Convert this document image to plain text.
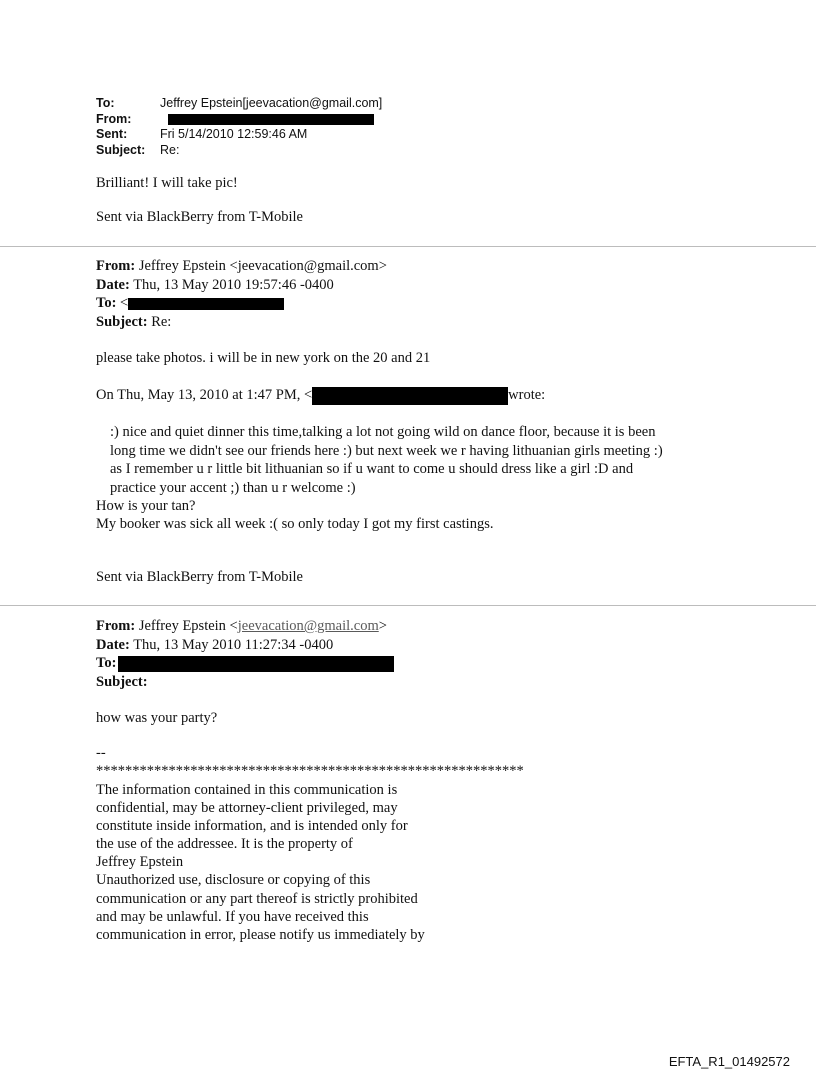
To:	Jeffrey Epstein[jeevacation@gmail.com]
From:
Sent:	Fri 5/14/2010 12:59:46 AM
Subject:	Re:
Brilliant! I will take pic!
Sent via BlackBerry from T-Mobile
From: Jeffrey Epstein <jeevacation@gmail.com>
Date: Thu, 13 May 2010 19:57:46 -0400
To: <
Subject: Re:
please take photos. i will be in new york on the 20 and 21
On Thu, May 13, 2010 at 1:47 PM, <	wrote:
:) nice and quiet dinner this time,talking a lot not going wild on dance floor, because it is been
long time we didn't see our friends here :) but next week we r having lithuanian girls meeting :)
as I remember u r little bit lithuanian so if u want to come u should dress like a girl :D and
practice your accent ;) than u r welcome :)
How is your tan?
My booker was sick all week :( so only today I got my first castings.
Sent via BlackBerry from T-Mobile
From: Jeffrey Epstein <jeevacation@gmail.com>
Date: Thu, 13 May 2010 11:27:34 -0400
To:
Subject:
how was your party?
--
***********************************************************
The information contained in this communication is
confidential, may be attorney-client privileged, may
constitute inside information, and is intended only for
the use of the addressee. It is the property of
Jeffrey Epstein
Unauthorized use, disclosure or copying of this
communication or any part thereof is strictly prohibited
and may be unlawful. If you have received this
communication in error, please notify us immediately by
EFTA_R1_01492572
